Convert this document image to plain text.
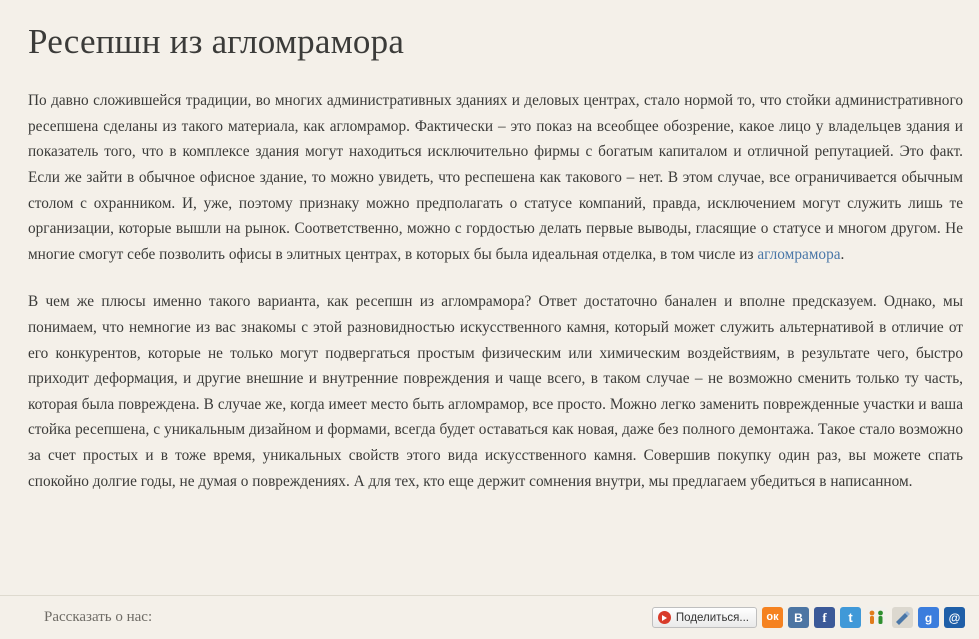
Ресепшн из агломрамора

По давно сложившейся традиции, во многих административных зданиях и деловых центрах, стало нормой то, что стойки административного ресепшена сделаны из такого материала, как агломрамор. Фактически – это показ на всеобщее обозрение, какое лицо у владельцев здания и показатель того, что в комплексе здания могут находиться исключительно фирмы с богатым капиталом и отличной репутацией. Это факт. Если же зайти в обычное офисное здание, то можно увидеть, что респешена как такового – нет. В этом случае, все ограничивается обычным столом с охранником. И, уже, поэтому признаку можно предполагать о статусе компаний, правда, исключением могут служить лишь те организации, которые вышли на рынок. Соответственно, можно с гордостью делать первые выводы, гласящие о статусе и многом другом. Не многие смогут себе позволить офисы в элитных центрах, в которых бы была идеальная отделка, в том числе из агломрамора.

В чем же плюсы именно такого варианта, как ресепшн из агломрамора? Ответ достаточно банален и вполне предсказуем. Однако, мы понимаем, что немногие из вас знакомы с этой разновидностью искусственного камня, который может служить альтернативой в отличие от его конкурентов, которые не только могут подвергаться простым физическим или химическим воздействиям, в результате чего, быстро приходит деформация, и другие внешние и внутренние повреждения и чаще всего, в таком случае – не возможно сменить только ту часть, которая была повреждена. В случае же, когда имеет место быть агломрамор, все просто. Можно легко заменить поврежденные участки и ваша стойка ресепшена, с уникальным дизайном и формами, всегда будет оставаться как новая, даже без полного демонтажа. Такое стало возможно за счет простых и в тоже время, уникальных свойств этого вида искусственного камня. Совершив покупку один раз, вы можете спать спокойно долгие годы, не думая о повреждениях. А для тех, кто еще держит сомнения внутри, мы предлагаем убедиться в написанном.

Рассказать о нас:	Поделиться... ок B f t	g @
